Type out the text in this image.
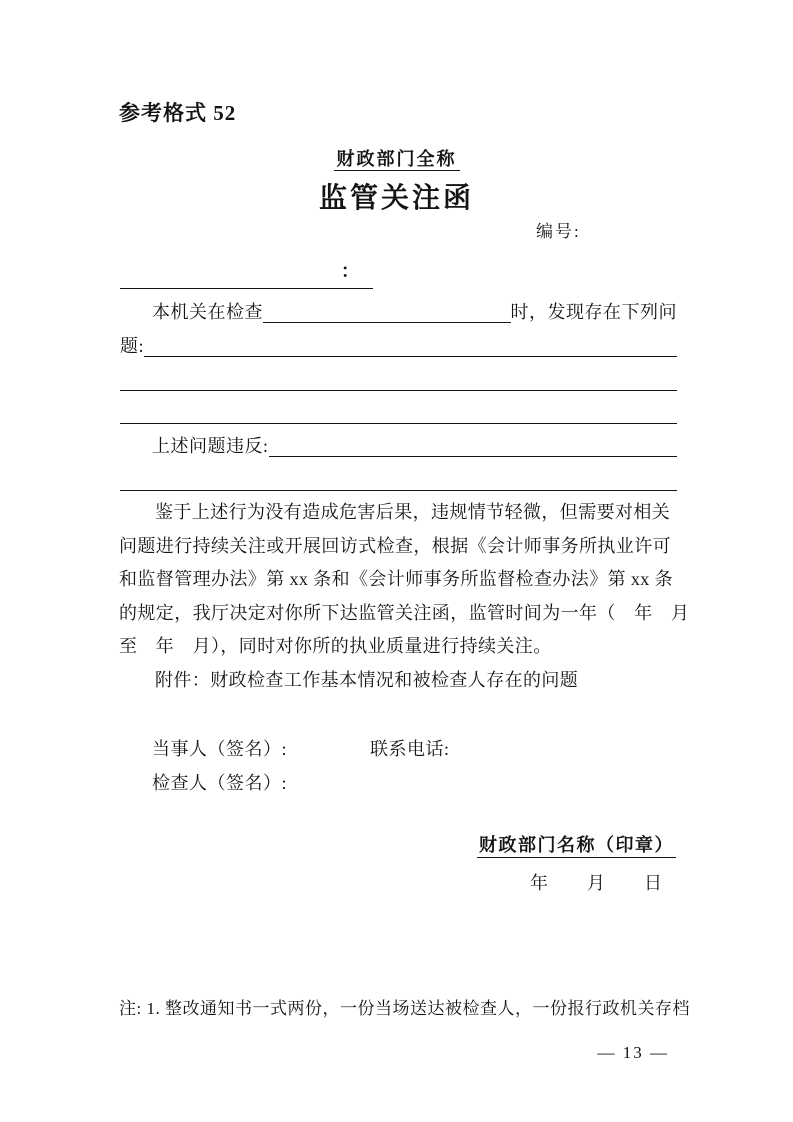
参考格式 52
财政部门全称
监管关注函
编号:
：
本机关在检查	时，发现存在下列问
题:
上述问题违反:
鉴于上述行为没有造成危害后果，违规情节轻微，但需要对相关
问题进行持续关注或开展回访式检查，根据《会计师事务所执业许可
和监督管理办法》第 xx 条和《会计师事务所监督检查办法》第 xx 条
的规定，我厅决定对你所下达监管关注函，监管时间为一年（　年　月
至　年　月），同时对你所的执业质量进行持续关注。
附件：财政检查工作基本情况和被检查人存在的问题
当事人（签名）:	联系电话:
检查人（签名）:
财政部门名称（印章）
年　　月　　日
注: 1. 整改通知书一式两份，一份当场送达被检查人，一份报行政机关存档
— 13 —
